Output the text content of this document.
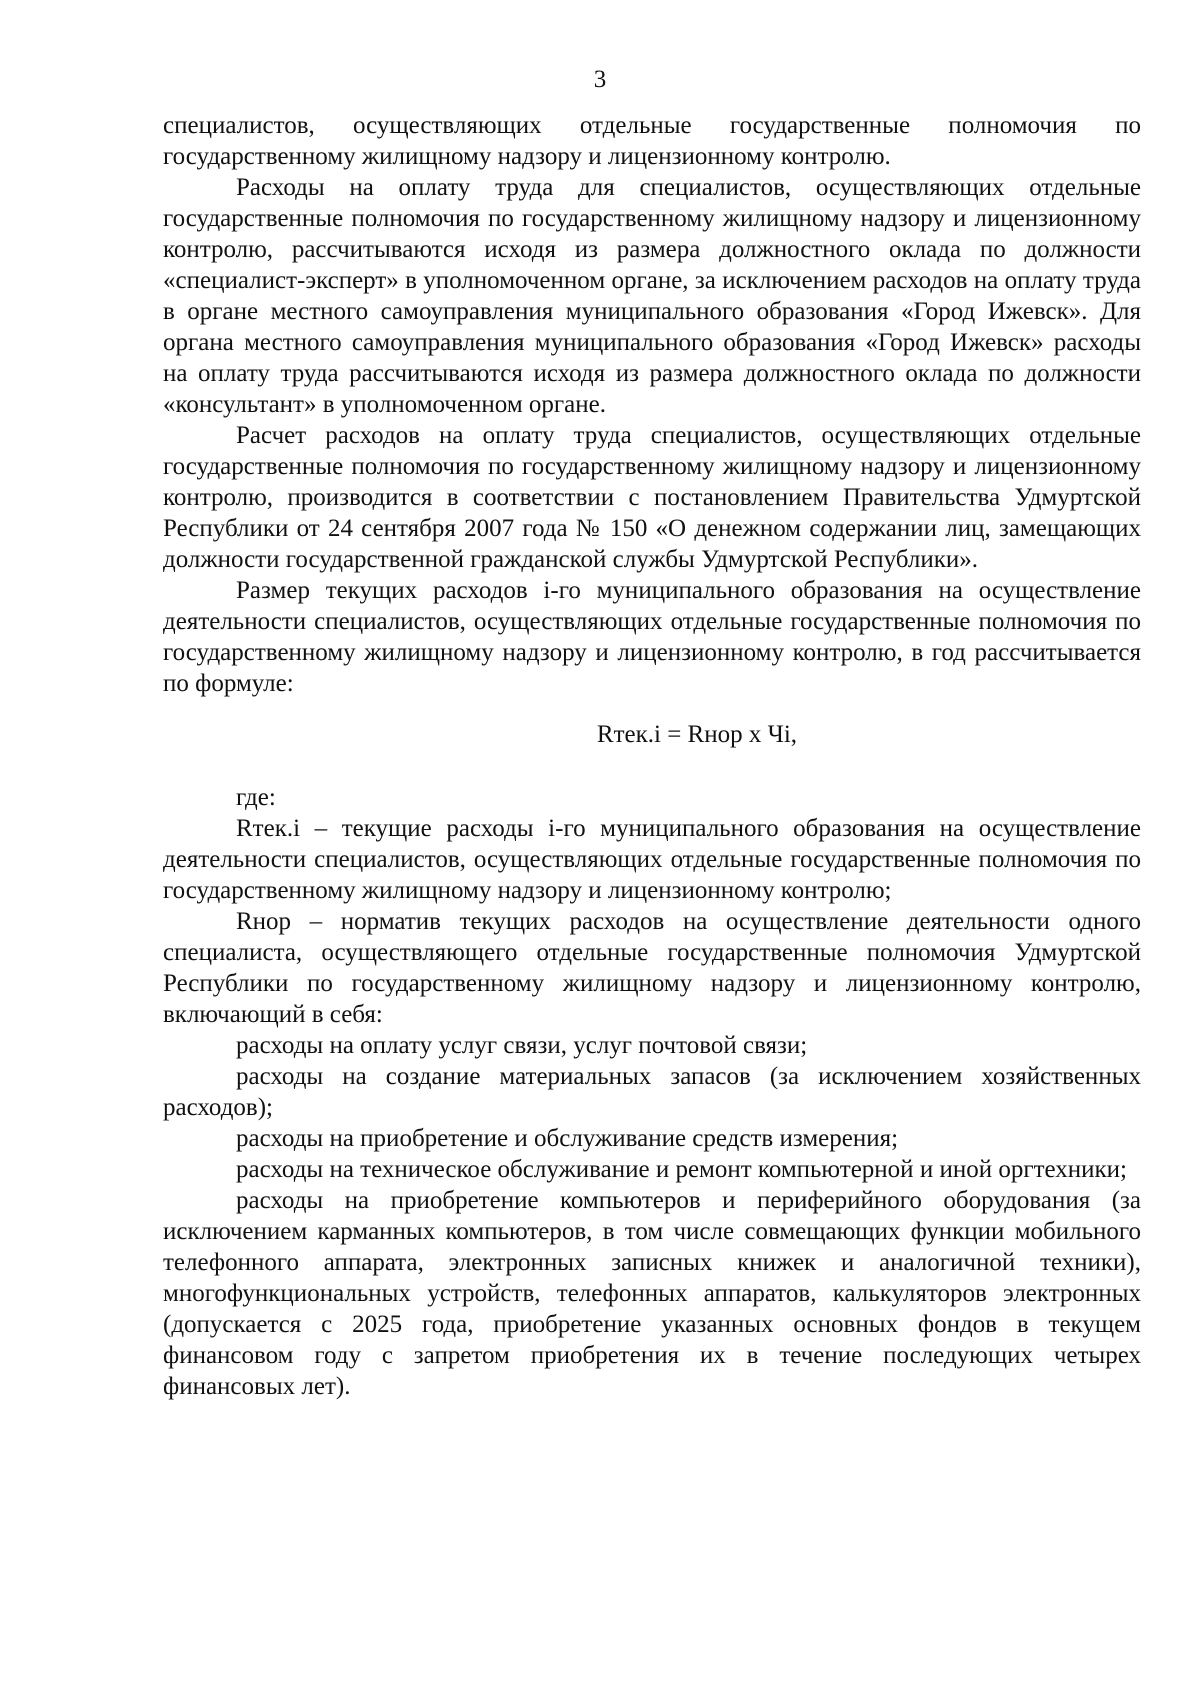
3

специалистов, осуществляющих отдельные государственные полномочия по государственному жилищному надзору и лицензионному контролю.

Расходы на оплату труда для специалистов, осуществляющих отдельные государственные полномочия по государственному жилищному надзору и лицензионному контролю, рассчитываются исходя из размера должностного оклада по должности «специалист-эксперт» в уполномоченном органе, за исключением расходов на оплату труда в органе местного самоуправления муниципального образования «Город Ижевск». Для органа местного самоуправления муниципального образования «Город Ижевск» расходы на оплату труда рассчитываются исходя из размера должностного оклада по должности «консультант» в уполномоченном органе.

Расчет расходов на оплату труда специалистов, осуществляющих отдельные государственные полномочия по государственному жилищному надзору и лицензионному контролю, производится в соответствии с постановлением Правительства Удмуртской Республики от 24 сентября 2007 года № 150 «О денежном содержании лиц, замещающих должности государственной гражданской службы Удмуртской Республики».

Размер текущих расходов i-го муниципального образования на осуществление деятельности специалистов, осуществляющих отдельные государственные полномочия по государственному жилищному надзору и лицензионному контролю, в год рассчитывается по формуле:

Rтек.i = Rнор х Чi,

где:

Rтек.i – текущие расходы i-го муниципального образования на осуществление деятельности специалистов, осуществляющих отдельные государственные полномочия по государственному жилищному надзору и лицензионному контролю;

Rнор – норматив текущих расходов на осуществление деятельности одного специалиста, осуществляющего отдельные государственные полномочия Удмуртской Республики по государственному жилищному надзору и лицензионному контролю, включающий в себя:

расходы на оплату услуг связи, услуг почтовой связи;

расходы на создание материальных запасов (за исключением хозяйственных расходов);

расходы на приобретение и обслуживание средств измерения;

расходы на техническое обслуживание и ремонт компьютерной и иной оргтехники;

расходы на приобретение компьютеров и периферийного оборудования (за исключением карманных компьютеров, в том числе совмещающих функции мобильного телефонного аппарата, электронных записных книжек и аналогичной техники), многофункциональных устройств, телефонных аппаратов, калькуляторов электронных (допускается с 2025 года, приобретение указанных основных фондов в текущем финансовом году с запретом приобретения их в течение последующих четырех финансовых лет).
